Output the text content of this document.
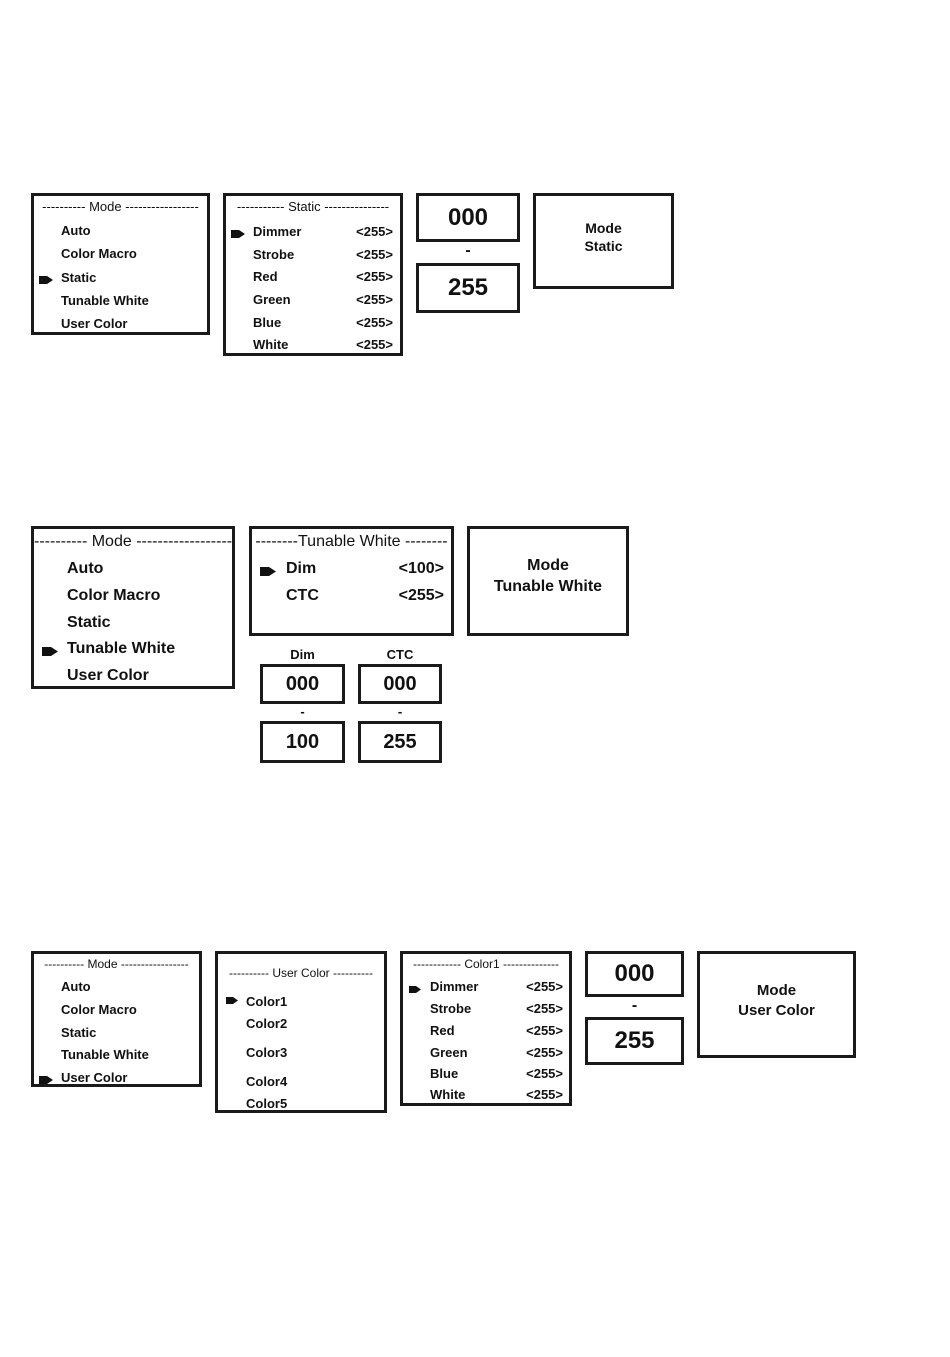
---------- Mode -----------------
Auto
Color Macro
Static
Tunable White
User Color
----------- Static ---------------
Dimmer	<255>
Strobe	<255>
Red	<255>
Green	<255>
Blue	<255>
White	<255>
000
-
255
Mode
Static
---------- Mode ------------------
Auto
Color Macro
Static
Tunable White
User Color
--------Tunable White --------
Dim	<100>
CTC	<255>
Mode
Tunable White
Dim
000
-
100
CTC
000
-
255
---------- Mode -----------------
Auto
Color Macro
Static
Tunable White
User Color
---------- User Color ----------
Color1
Color2
Color3
Color4
Color5
------------ Color1 --------------
Dimmer	<255>
Strobe	<255>
Red	<255>
Green	<255>
Blue	<255>
White	<255>
000
-
255
Mode
User Color
